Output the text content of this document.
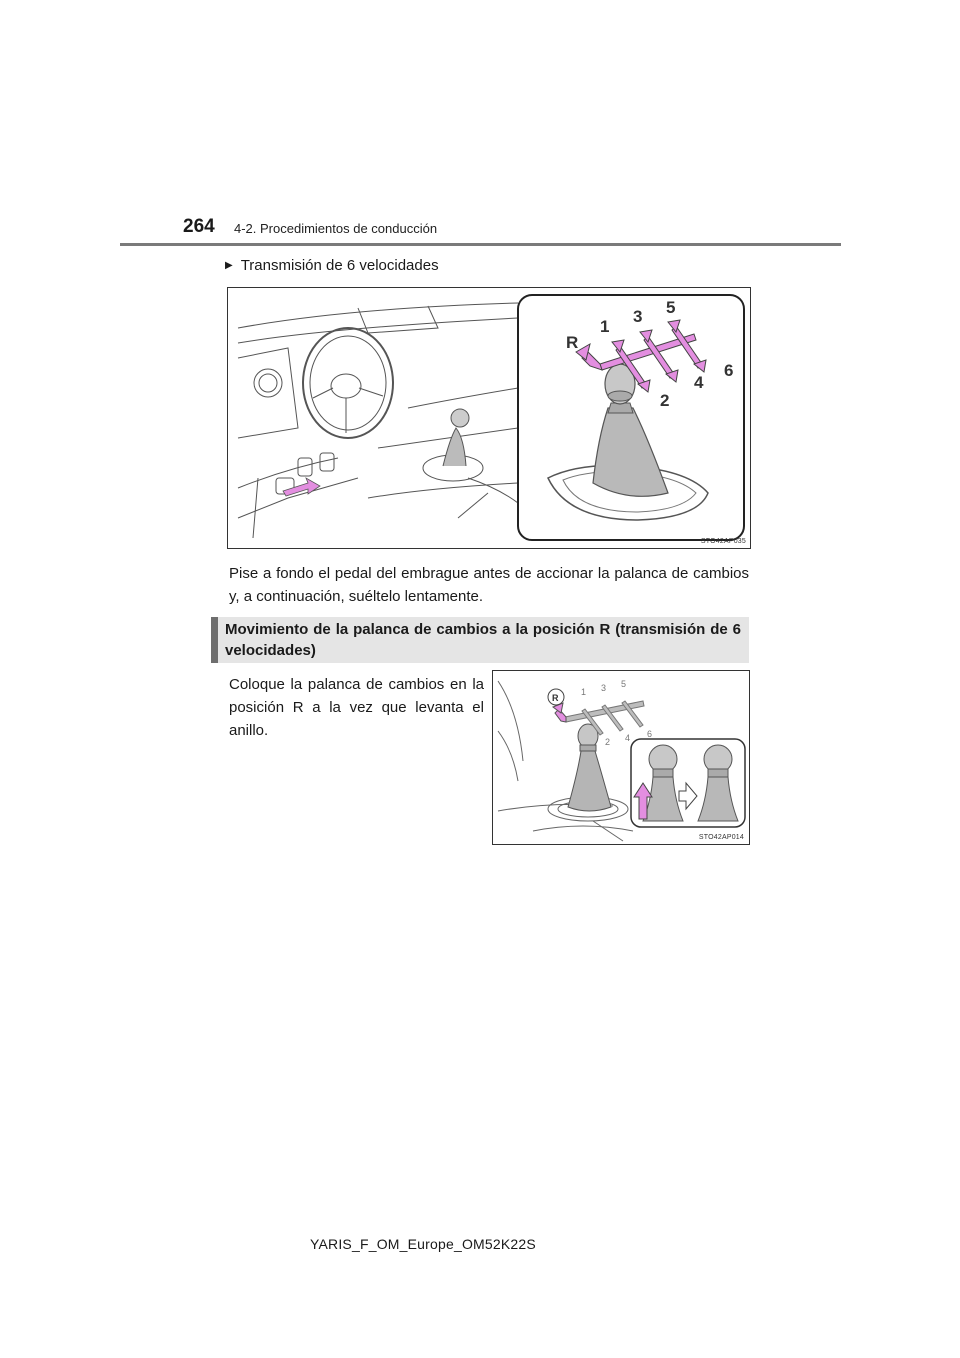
264 4-2. Procedimientos de conducción
▶ Transmisión de 6 velocidades
R
1
2
3
4
5
6
STO42AP035
Pise a fondo el pedal del embrague antes de accionar la palanca de cambios y, a continuación, suéltelo lentamente.
Movimiento de la palanca de cambios a la posición R (transmisión de 6 velocidades)
Coloque la palanca de cambios en la posición R a la vez que levanta el anillo.
R
1
2
3
4
5
6
STO42AP014
YARIS_F_OM_Europe_OM52K22S
